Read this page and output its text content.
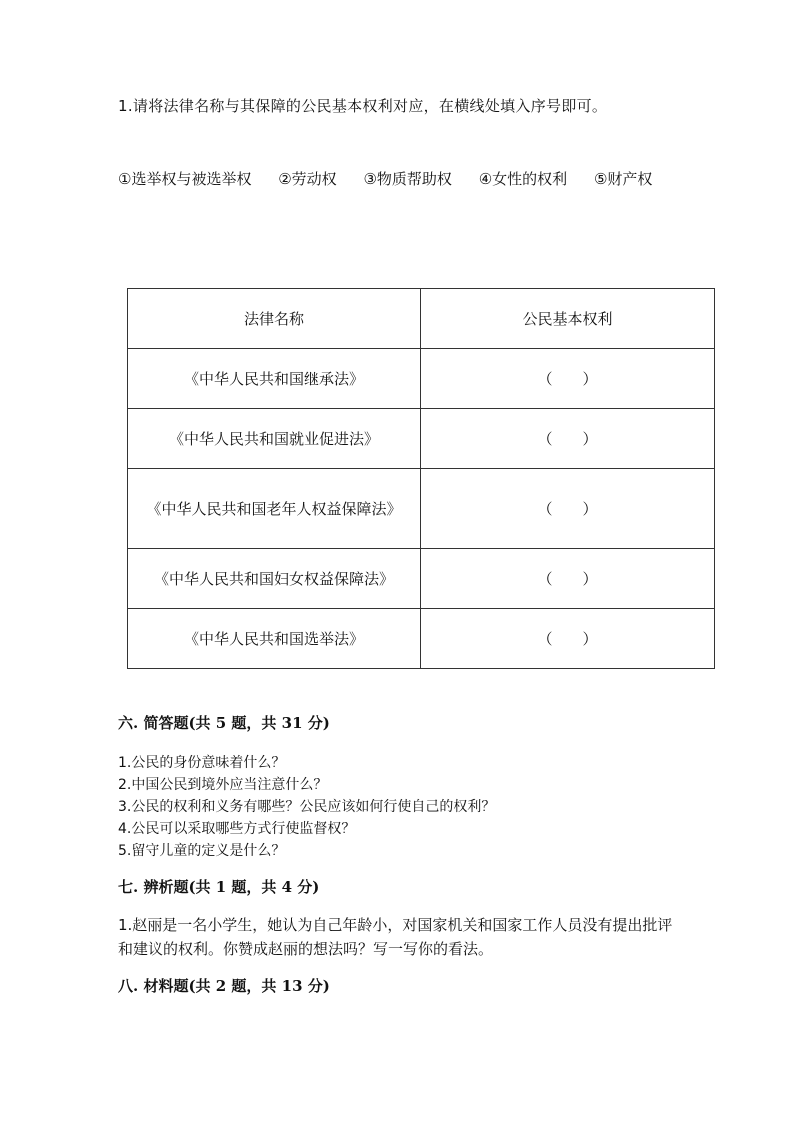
1.请将法律名称与其保障的公民基本权利对应，在横线处填入序号即可。
①选举权与被选举权 ②劳动权 ③物质帮助权 ④女性的权利 ⑤财产权
法律名称	公民基本权利
《中华人民共和国继承法》	（　　）
《中华人民共和国就业促进法》	（　　）
《中华人民共和国老年人权益保障法》	（　　）
《中华人民共和国妇女权益保障法》	（　　）
《中华人民共和国选举法》	（　　）
六. 简答题(共 5 题，共 31 分)
1.公民的身份意味着什么？
2.中国公民到境外应当注意什么？
3.公民的权利和义务有哪些？公民应该如何行使自己的权利？
4.公民可以采取哪些方式行使监督权？
5.留守儿童的定义是什么？
七. 辨析题(共 1 题，共 4 分)
1.赵丽是一名小学生，她认为自己年龄小，对国家机关和国家工作人员没有提出批评和建议的权利。你赞成赵丽的想法吗？写一写你的看法。
八. 材料题(共 2 题，共 13 分)
